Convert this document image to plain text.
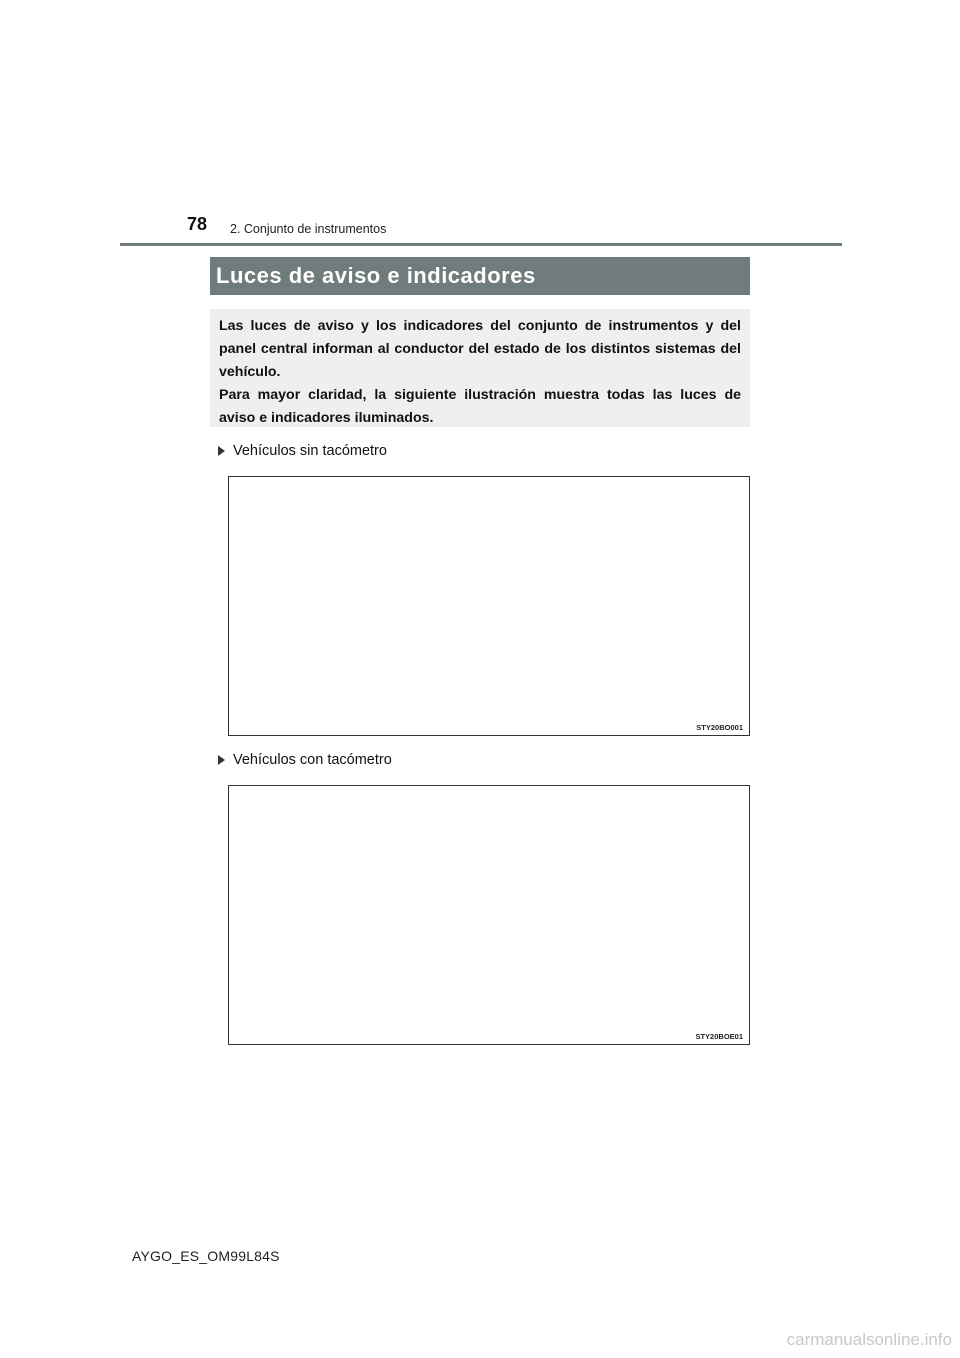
78 2. Conjunto de instrumentos
Luces de aviso e indicadores

Las luces de aviso y los indicadores del conjunto de instrumentos y del panel central informan al conductor del estado de los distintos sistemas del vehículo.

Para mayor claridad, la siguiente ilustración muestra todas las luces de aviso e indicadores iluminados.

Vehículos sin tacómetro
STY20BO001
Vehículos con tacómetro
STY20BOE01
AYGO_ES_OM99L84S
carmanualsonline.info
